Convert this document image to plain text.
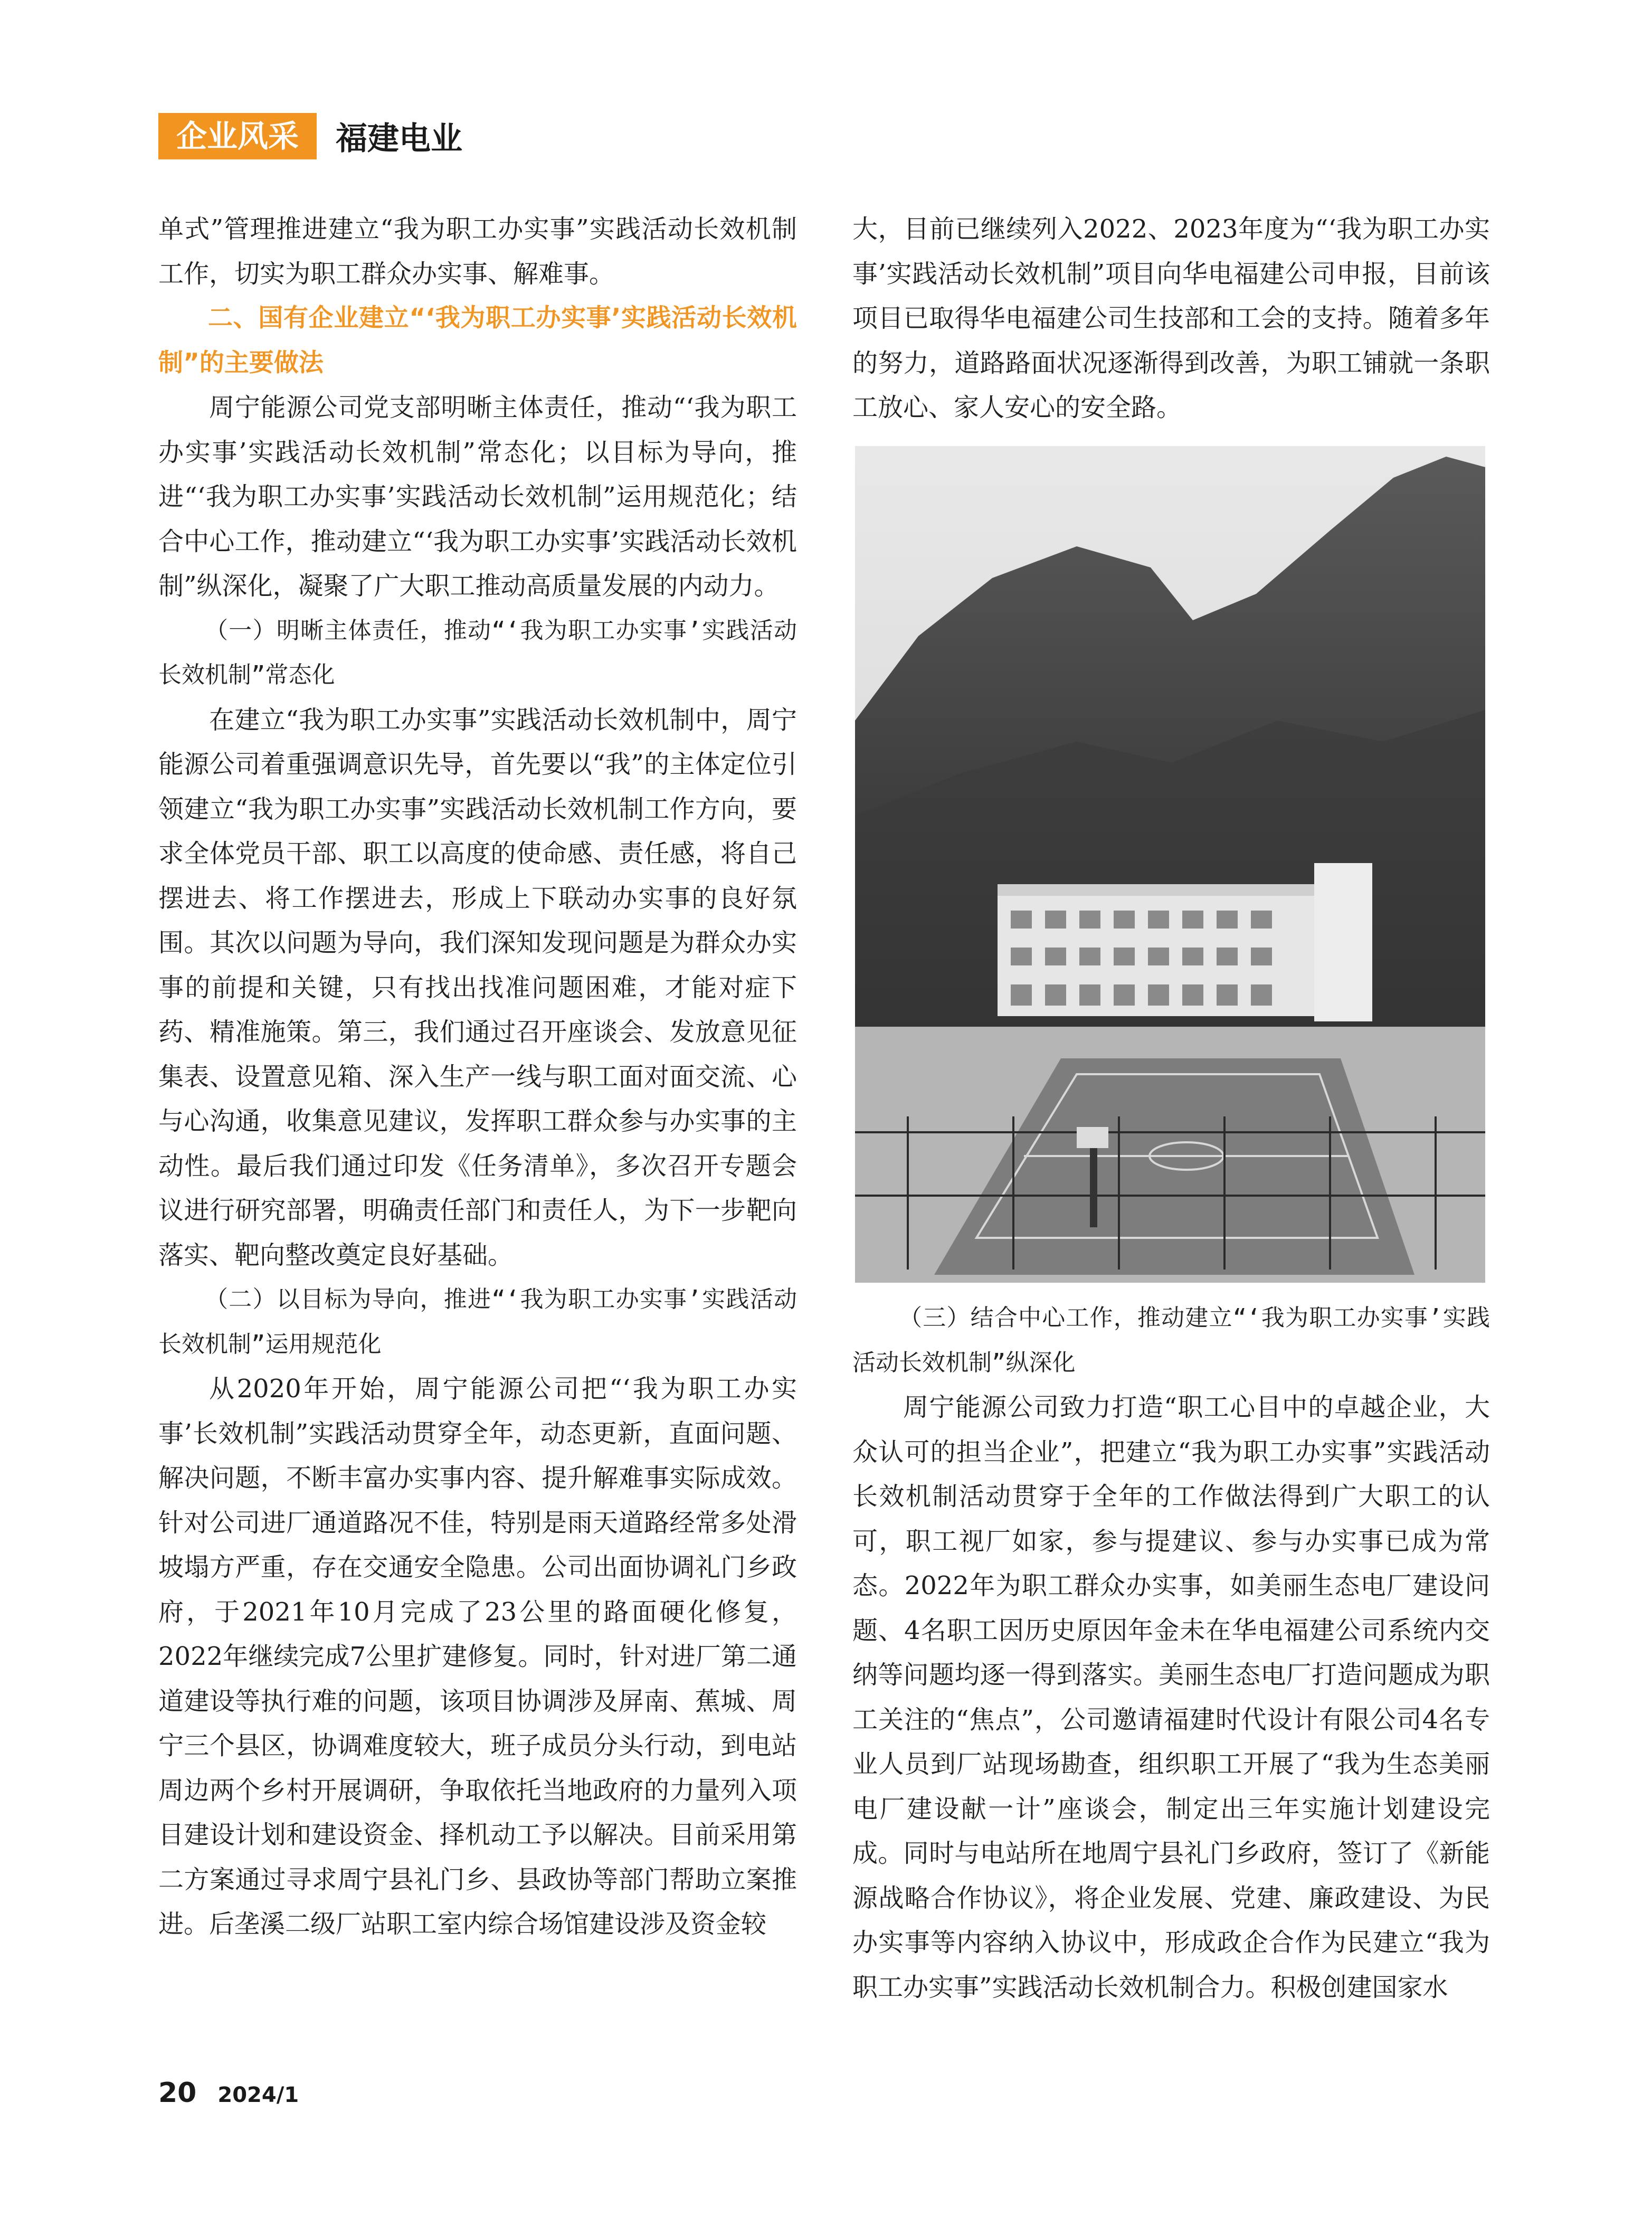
企业风采	福建电业

单式”管理推进建立“我为职工办实事”实践活动长效机制工作，切实为职工群众办实事、解难事。

二、国有企业建立“‘我为职工办实事’实践活动长效机制”的主要做法

周宁能源公司党支部明晰主体责任，推动“‘我为职工办实事’实践活动长效机制”常态化；以目标为导向，推进“‘我为职工办实事’实践活动长效机制”运用规范化；结合中心工作，推动建立“‘我为职工办实事’实践活动长效机制”纵深化，凝聚了广大职工推动高质量发展的内动力。

（一）明晰主体责任，推动“‘我为职工办实事’实践活动长效机制”常态化

在建立“我为职工办实事”实践活动长效机制中，周宁能源公司着重强调意识先导，首先要以“我”的主体定位引领建立“我为职工办实事”实践活动长效机制工作方向，要求全体党员干部、职工以高度的使命感、责任感，将自己摆进去、将工作摆进去，形成上下联动办实事的良好氛围。其次以问题为导向，我们深知发现问题是为群众办实事的前提和关键，只有找出找准问题困难，才能对症下药、精准施策。第三，我们通过召开座谈会、发放意见征集表、设置意见箱、深入生产一线与职工面对面交流、心与心沟通，收集意见建议，发挥职工群众参与办实事的主动性。最后我们通过印发《任务清单》，多次召开专题会议进行研究部署，明确责任部门和责任人，为下一步靶向落实、靶向整改奠定良好基础。

（二）以目标为导向，推进“‘我为职工办实事’实践活动长效机制”运用规范化

从2020年开始，周宁能源公司把“‘我为职工办实事’长效机制”实践活动贯穿全年，动态更新，直面问题、解决问题，不断丰富办实事内容、提升解难事实际成效。针对公司进厂通道路况不佳，特别是雨天道路经常多处滑坡塌方严重，存在交通安全隐患。公司出面协调礼门乡政府，于2021年10月完成了23公里的路面硬化修复，2022年继续完成7公里扩建修复。同时，针对进厂第二通道建设等执行难的问题，该项目协调涉及屏南、蕉城、周宁三个县区，协调难度较大，班子成员分头行动，到电站周边两个乡村开展调研，争取依托当地政府的力量列入项目建设计划和建设资金、择机动工予以解决。目前采用第二方案通过寻求周宁县礼门乡、县政协等部门帮助立案推进。后垄溪二级厂站职工室内综合场馆建设涉及资金较

大，目前已继续列入2022、2023年度为“‘我为职工办实事’实践活动长效机制”项目向华电福建公司申报，目前该项目已取得华电福建公司生技部和工会的支持。随着多年的努力，道路路面状况逐渐得到改善，为职工铺就一条职工放心、家人安心的安全路。

（三）结合中心工作，推动建立“‘我为职工办实事’实践活动长效机制”纵深化

周宁能源公司致力打造“职工心目中的卓越企业，大众认可的担当企业”，把建立“我为职工办实事”实践活动长效机制活动贯穿于全年的工作做法得到广大职工的认可，职工视厂如家，参与提建议、参与办实事已成为常态。2022年为职工群众办实事，如美丽生态电厂建设问题、4名职工因历史原因年金未在华电福建公司系统内交纳等问题均逐一得到落实。美丽生态电厂打造问题成为职工关注的“焦点”，公司邀请福建时代设计有限公司4名专业人员到厂站现场勘查，组织职工开展了“我为生态美丽电厂建设献一计”座谈会，制定出三年实施计划建设完成。同时与电站所在地周宁县礼门乡政府，签订了《新能源战略合作协议》，将企业发展、党建、廉政建设、为民办实事等内容纳入协议中，形成政企合作为民建立“我为职工办实事”实践活动长效机制合力。积极创建国家水

20 2024/1
